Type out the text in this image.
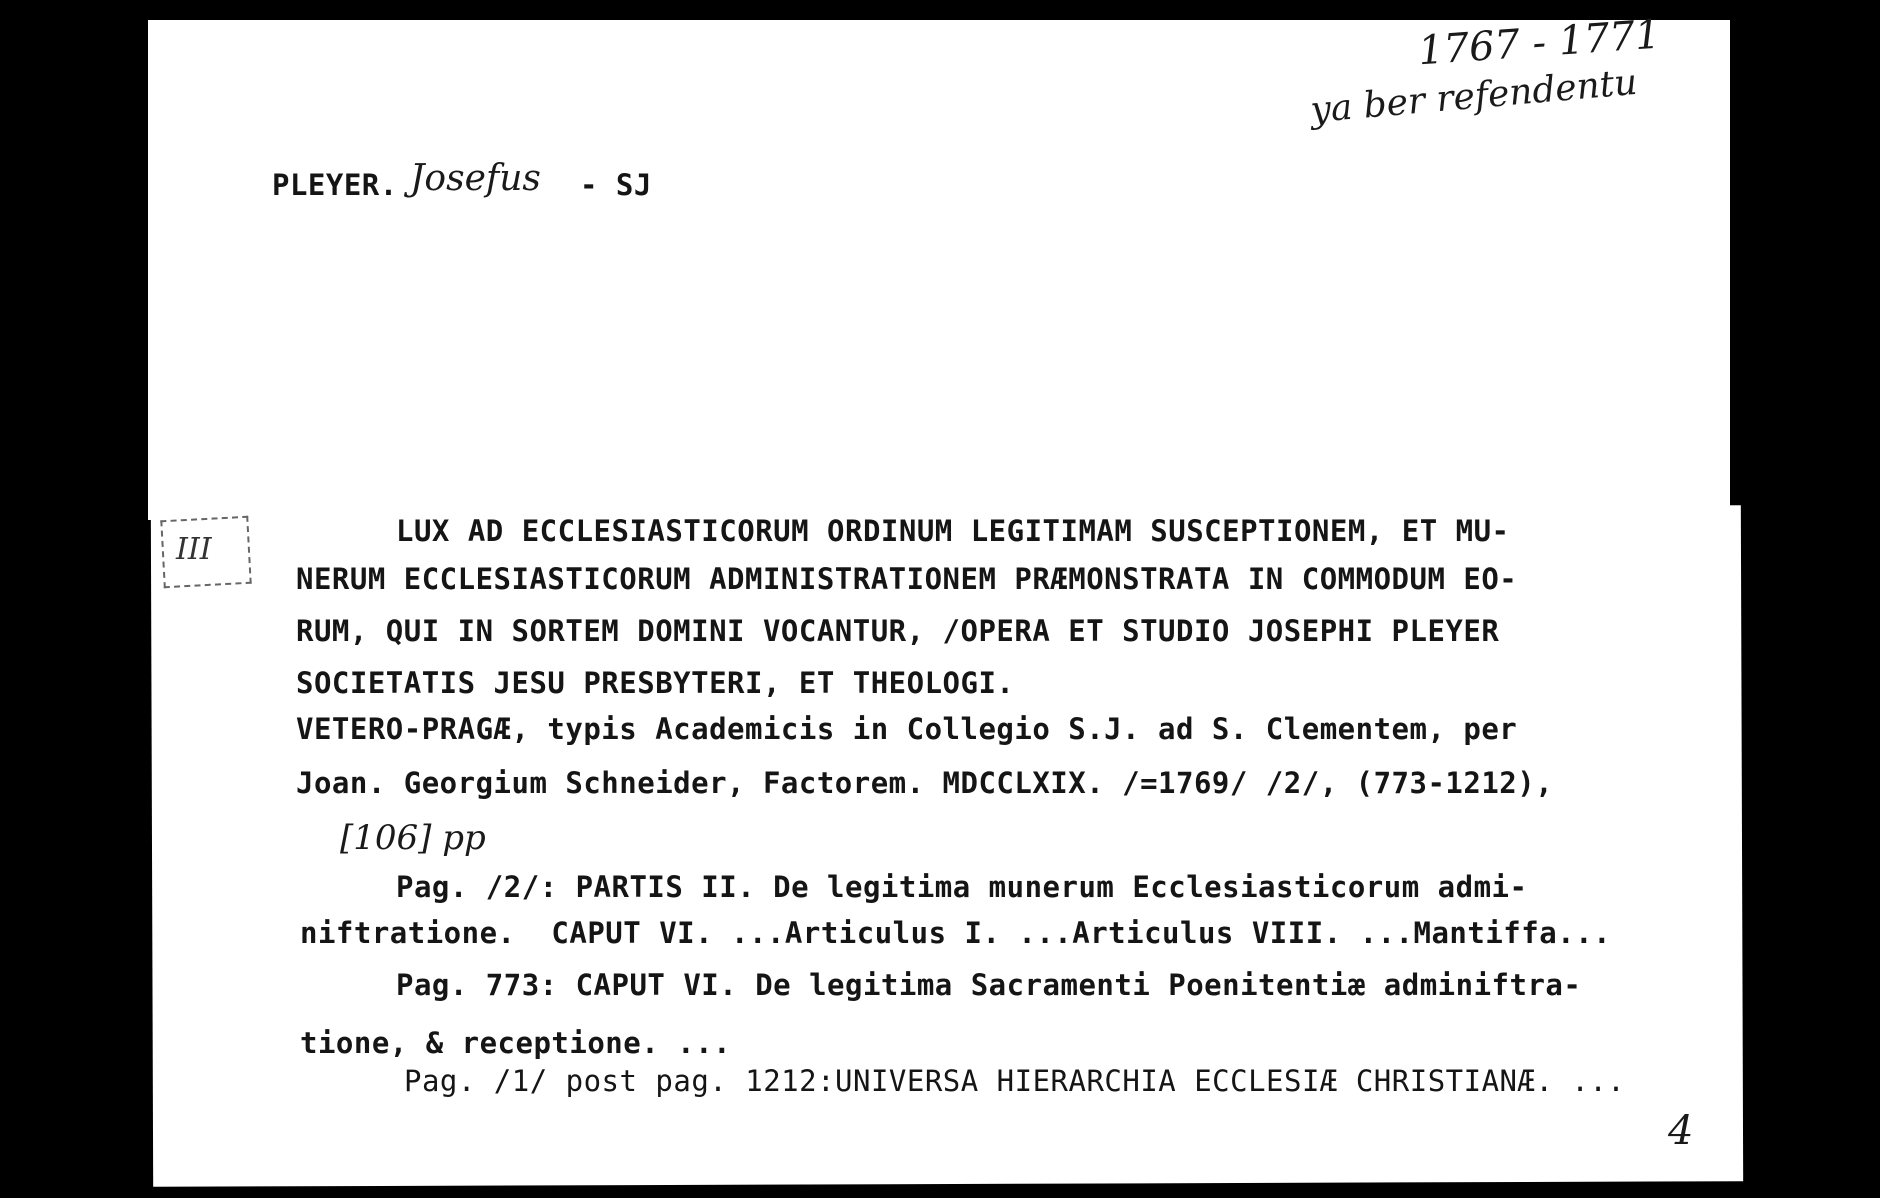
PLEYER. Josefus - SJ
1767 - 1771
ya ber refendentu
III
LUX AD ECCLESIASTICORUM ORDINUM LEGITIMAM SUSCEPTIONEM, ET MU-
NERUM ECCLESIASTICORUM ADMINISTRATIONEM PRÆMONSTRATA IN COMMODUM EO-
RUM, QUI IN SORTEM DOMINI VOCANTUR, /OPERA ET STUDIO JOSEPHI PLEYER
SOCIETATIS JESU PRESBYTERI, ET THEOLOGI.
VETERO-PRAGÆ, typis Academicis in Collegio S.J. ad S. Clementem, per
Joan. Georgium Schneider, Factorem. MDCCLXIX. /=1769/ /2/, (773-1212),
[106] pp
Pag. /2/: PARTIS II. De legitima munerum Ecclesiasticorum admi-
niftratione.  CAPUT VI. ...Articulus I. ...Articulus VIII. ...Mantiffa...
Pag. 773: CAPUT VI. De legitima Sacramenti Poenitentiæ adminiftra-
tione, & receptione. ...
Pag. /1/ post pag. 1212:UNIVERSA HIERARCHIA ECCLESIÆ CHRISTIANÆ. ...
4
